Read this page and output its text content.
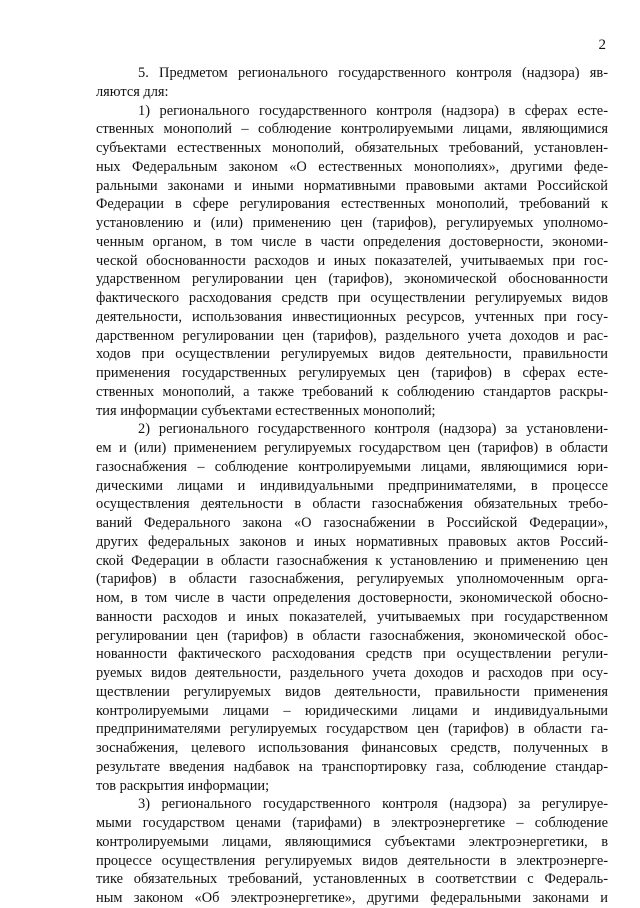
2
5. Предметом регионального государственного контроля (надзора) яв-
ляются для:
1) регионального государственного контроля (надзора) в сферах есте-
ственных монополий – соблюдение контролируемыми лицами, являющимися
субъектами естественных монополий, обязательных требований, установлен-
ных Федеральным законом «О естественных монополиях», другими феде-
ральными законами и иными нормативными правовыми актами Российской
Федерации в сфере регулирования естественных монополий, требований к
установлению и (или) применению цен (тарифов), регулируемых уполномо-
ченным органом, в том числе в части определения достоверности, экономи-
ческой обоснованности расходов и иных показателей, учитываемых при гос-
ударственном регулировании цен (тарифов), экономической обоснованности
фактического расходования средств при осуществлении регулируемых видов
деятельности, использования инвестиционных ресурсов, учтенных при госу-
дарственном регулировании цен (тарифов), раздельного учета доходов и рас-
ходов при осуществлении регулируемых видов деятельности, правильности
применения государственных регулируемых цен (тарифов) в сферах есте-
ственных монополий, а также требований к соблюдению стандартов раскры-
тия информации субъектами естественных монополий;
2) регионального государственного контроля (надзора) за установлени-
ем и (или) применением регулируемых государством цен (тарифов) в области
газоснабжения – соблюдение контролируемыми лицами, являющимися юри-
дическими лицами и индивидуальными предпринимателями, в процессе
осуществления деятельности в области газоснабжения обязательных требо-
ваний Федерального закона «О газоснабжении в Российской Федерации»,
других федеральных законов и иных нормативных правовых актов Россий-
ской Федерации в области газоснабжения к установлению и применению цен
(тарифов) в области газоснабжения, регулируемых уполномоченным орга-
ном, в том числе в части определения достоверности, экономической обосно-
ванности расходов и иных показателей, учитываемых при государственном
регулировании цен (тарифов) в области газоснабжения, экономической обос-
нованности фактического расходования средств при осуществлении регули-
руемых видов деятельности, раздельного учета доходов и расходов при осу-
ществлении регулируемых видов деятельности, правильности применения
контролируемыми лицами – юридическими лицами и индивидуальными
предпринимателями регулируемых государством цен (тарифов) в области га-
зоснабжения, целевого использования финансовых средств, полученных в
результате введения надбавок на транспортировку газа, соблюдение стандар-
тов раскрытия информации;
3) регионального государственного контроля (надзора) за регулируе-
мыми государством ценами (тарифами) в электроэнергетике – соблюдение
контролируемыми лицами, являющимися субъектами электроэнергетики, в
процессе осуществления регулируемых видов деятельности в электроэнерге-
тике обязательных требований, установленных в соответствии с Федераль-
ным законом «Об электроэнергетике», другими федеральными законами и
